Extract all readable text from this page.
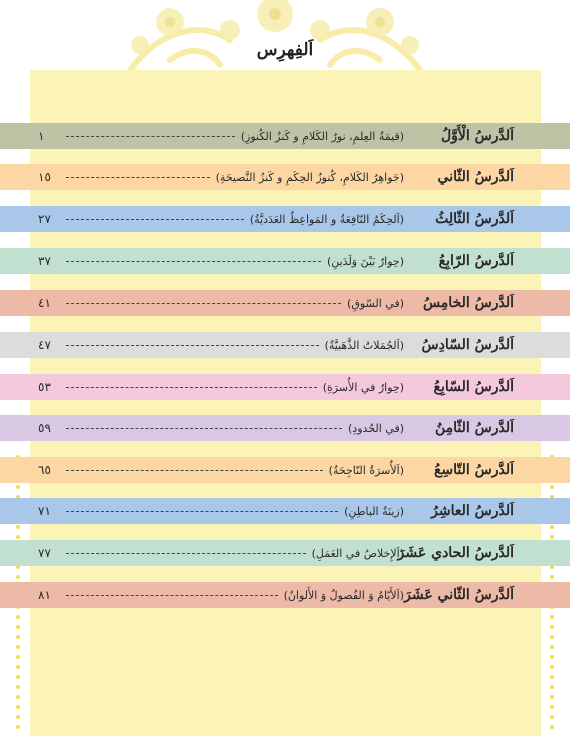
اَلفِهرِس
اَلدَّرسُ الْأَوَّلُ
(قيمَةُ العِلمِ، نورُ الكَلامِ و كَنزُ الكُنوزِ)
١
اَلدَّرسُ الثّاني
(جَواهِرُ الكَلامِ، كُنوزُ الحِكَمِ و كَنزُ النَّصيحَةِ)
١٥
اَلدَّرسُ الثّالِثُ
(اَلحِكَمُ النّافِعَةُ و المَواعِظُ العَدَديَّةُ)
٢٧
اَلدَّرسُ الرّابِعُ
(حِوارٌ بَيْنَ وَلَدَينِ)
٣٧
اَلدَّرسُ الخامِسُ
(في السّوقِ)
٤١
اَلدَّرسُ السّادِسُ
(اَلجُمَلاتُ الذَّهَبيَّةُ)
٤٧
اَلدَّرسُ السّابِعُ
(حِوارٌ في الأُسرَةِ)
٥٣
اَلدَّرسُ الثّامِنُ
(في الحُدودِ)
٥٩
اَلدَّرسُ التّاسِعُ
(اَلأُسرَةُ النّاجِحَةُ)
٦٥
اَلدَّرسُ العاشِرُ
(زينَةُ الباطِنِ)
٧١
اَلدَّرسُ الحادي عَشَرَ
(اَلإِخلاصُ في العَمَلِ)
٧٧
اَلدَّرسُ الثّاني عَشَرَ
(اَلأَيّامُ وَ الفُصولُ وَ الأَلوانُ)
٨١
